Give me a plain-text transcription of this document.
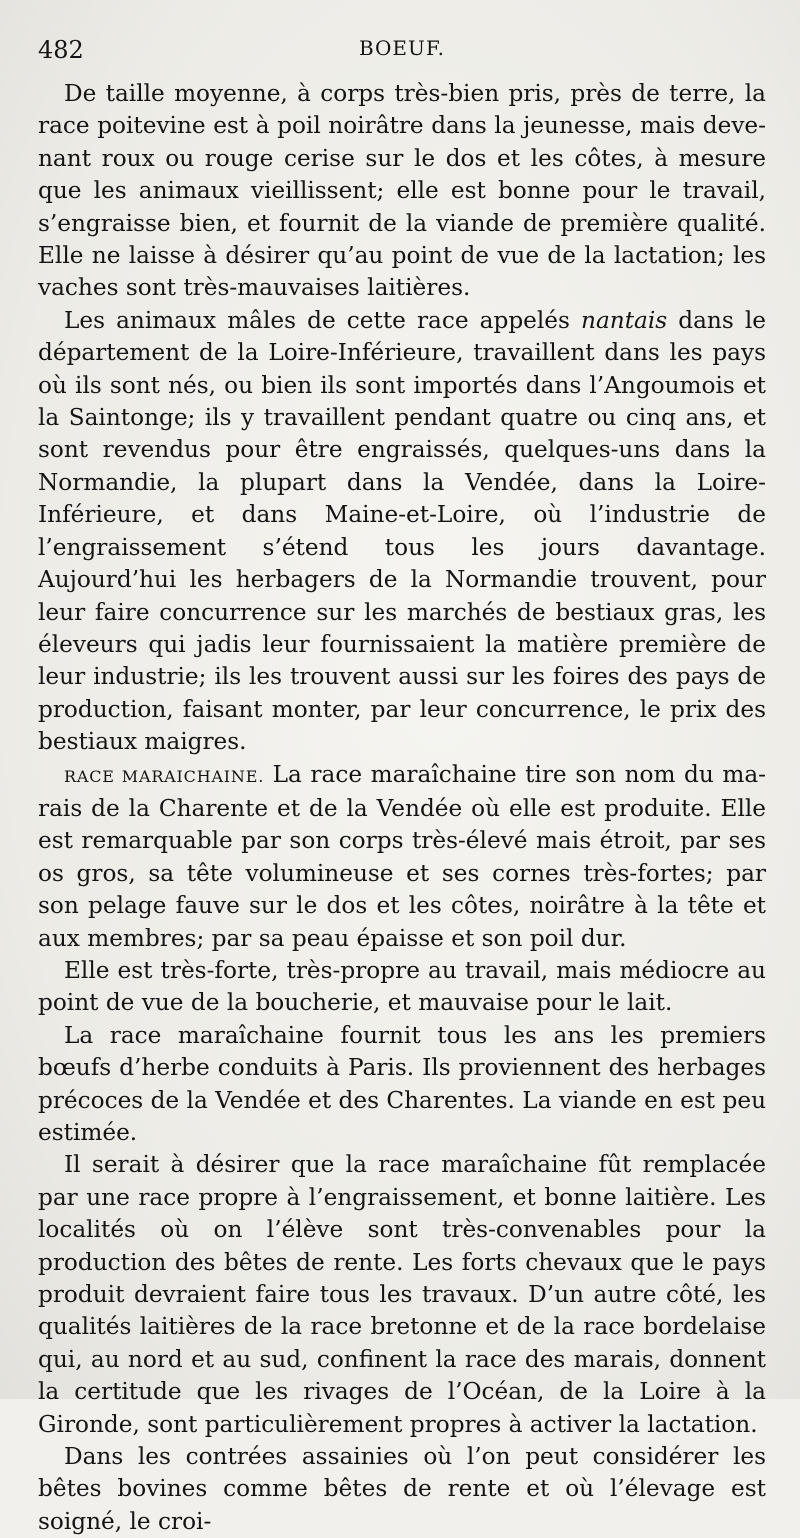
482	BOEUF.

De taille moyenne, à corps très-bien pris, près de terre, la race poitevine est à poil noirâtre dans la jeunesse, mais devenant roux ou rouge cerise sur le dos et les côtes, à mesure que les animaux vieillissent; elle est bonne pour le travail, s’engraisse bien, et fournit de la viande de première qualité. Elle ne laisse à désirer qu’au point de vue de la lactation; les vaches sont très-mauvaises laitières.

Les animaux mâles de cette race appelés nantais dans le département de la Loire-Inférieure, travaillent dans les pays où ils sont nés, ou bien ils sont importés dans l’Angoumois et la Saintonge; ils y travaillent pendant quatre ou cinq ans, et sont revendus pour être engraissés, quelques-uns dans la Normandie, la plupart dans la Vendée, dans la Loire-Inférieure, et dans Maine-et-Loire, où l’industrie de l’engraissement s’étend tous les jours davantage. Aujourd’hui les herbagers de la Normandie trouvent, pour leur faire concurrence sur les marchés de bestiaux gras, les éleveurs qui jadis leur fournissaient la matière première de leur industrie; ils les trouvent aussi sur les foires des pays de production, faisant monter, par leur concurrence, le prix des bestiaux maigres.

RACE MARAICHAINE. La race maraîchaine tire son nom du marais de la Charente et de la Vendée où elle est produite. Elle est remarquable par son corps très-élevé mais étroit, par ses os gros, sa tête volumineuse et ses cornes très-fortes; par son pelage fauve sur le dos et les côtes, noirâtre à la tête et aux membres; par sa peau épaisse et son poil dur.

Elle est très-forte, très-propre au travail, mais médiocre au point de vue de la boucherie, et mauvaise pour le lait.

La race maraîchaine fournit tous les ans les premiers bœufs d’herbe conduits à Paris. Ils proviennent des herbages précoces de la Vendée et des Charentes. La viande en est peu estimée.

Il serait à désirer que la race maraîchaine fût remplacée par une race propre à l’engraissement, et bonne laitière. Les localités où on l’élève sont très-convenables pour la production des bêtes de rente. Les forts chevaux que le pays produit devraient faire tous les travaux. D’un autre côté, les qualités laitières de la race bretonne et de la race bordelaise qui, au nord et au sud, confinent la race des marais, donnent la certitude que les rivages de l’Océan, de la Loire à la Gironde, sont particulièrement propres à activer la lactation.

Dans les contrées assainies où l’on peut considérer les bêtes bovines comme bêtes de rente et où l’élevage est soigné, le croi-
